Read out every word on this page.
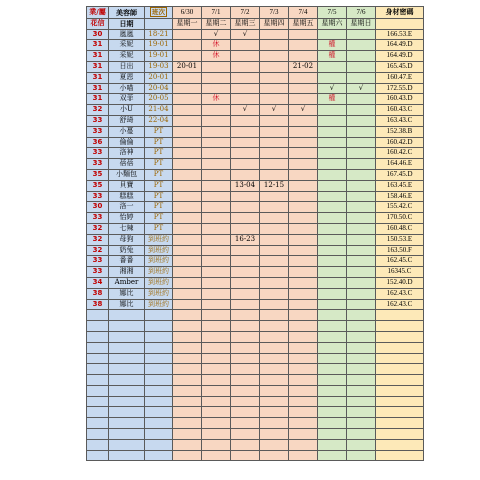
業/屬	美容師	班次	6/30	7/1	7/2	7/3	7/4	7/5	7/6	身材密碼
花信	日期		星期一	星期二	星期三	星期四	星期五	星期六	星期日	
30	嵐嵐	18-21		√	√					166.53.E
31	采妮	19-01		休				權		164.49.D
31	采妮	19-01		休				權		164.49.D
31	日出	19-03	20-01				21-02			165.45.D
31	夏恩	20-01								160.47.E
31	小喵	20-04						√	√	172.55.D
31	双菲	20-05		休				權		160.43.D
32	小U	21-04			√	√	√			160.43.C
33	舒琦	22-04								163.43.C
33	小蔓	PT								152.38.B
36	倫倫	PT								160.42.D
33	洛神	PT								160.42.C
33	蓓蓓	PT								164.46.E
35	小麵包	PT								167.45.D
35	貝寶	PT			13-04	12-15				163.45.E
33	糕糕	PT								158.46.E
30	洛一	PT								155.42.C
33	怡婷	PT								170.50.C
32	七辣	PT								160.48.C
32	母狗	到班約			16-23					150.53.E
32	奶兔	到班約								163.50.F
33	番番	到班約								162.45.C
33	湘湘	到班約								16345.C
34	Amber	到班約								152.40.D
38	娜比	到班約								162.43.C
38	娜比	到班約								162.43.C
